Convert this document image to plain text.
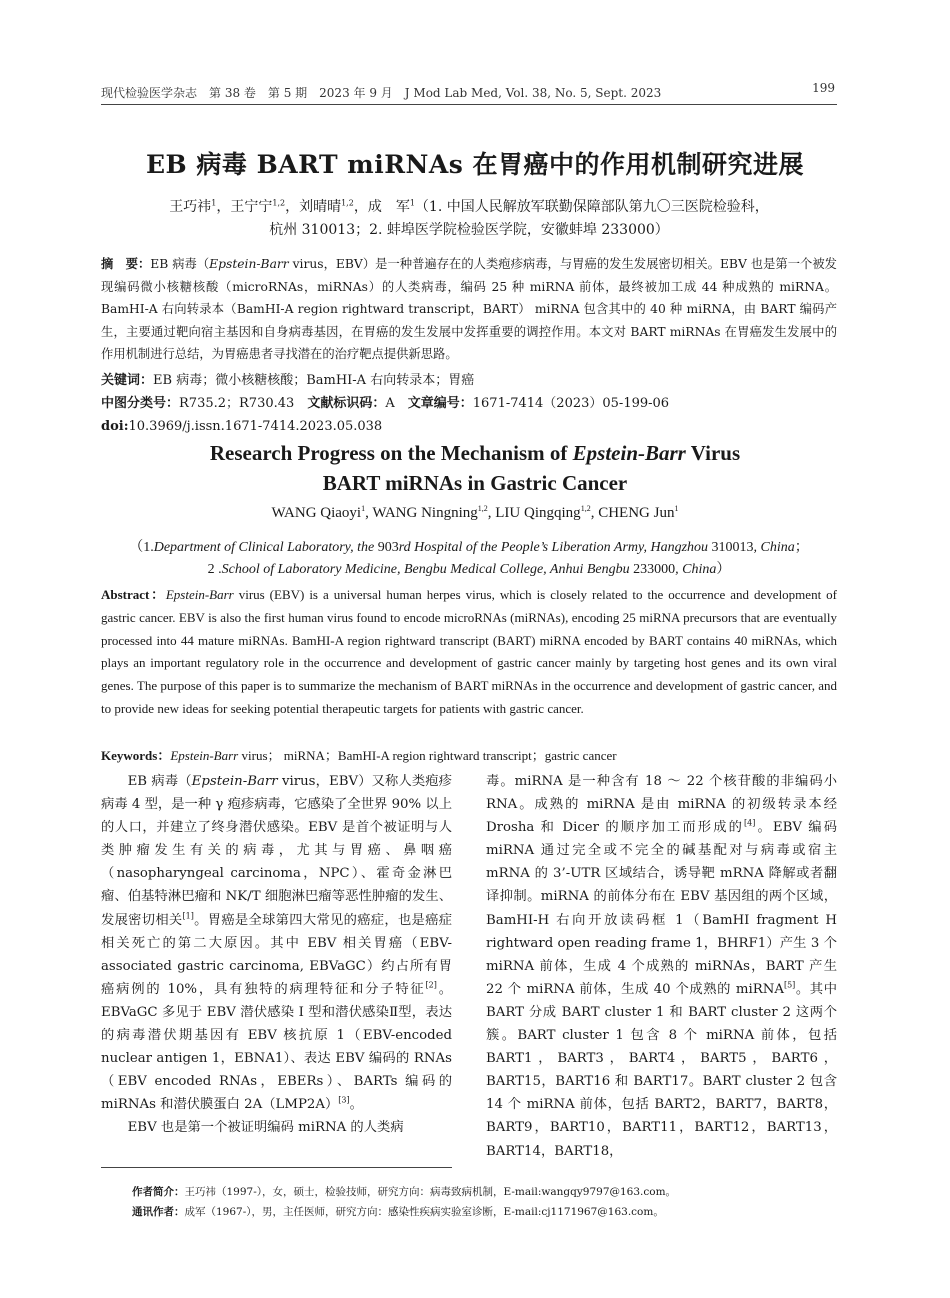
现代检验医学杂志　第 38 卷　第 5 期　2023 年 9 月　J Mod Lab Med, Vol. 38, No. 5, Sept. 2023	199
EB 病毒 BART miRNAs 在胃癌中的作用机制研究进展
王巧祎$^1$，王宁宁$^{1,2}$，刘晴晴$^{1,2}$，成　军$^1$（1. 中国人民解放军联勤保障部队第九〇三医院检验科，
杭州 310013；2. 蚌埠医学院检验医学院，安徽蚌埠 233000）
摘　要：EB 病毒（Epstein-Barr virus，EBV）是一种普遍存在的人类疱疹病毒，与胃癌的发生发展密切相关。EBV 也是第一个被发现编码微小核糖核酸（microRNAs，miRNAs）的人类病毒，编码 25 种 miRNA 前体，最终被加工成 44 种成熟的 miRNA。BamHI-A 右向转录本（BamHI-A region rightward transcript，BART） miRNA 包含其中的 40 种 miRNA，由 BART 编码产生，主要通过靶向宿主基因和自身病毒基因，在胃癌的发生发展中发挥重要的调控作用。本文对 BART miRNAs 在胃癌发生发展中的作用机制进行总结，为胃癌患者寻找潜在的治疗靶点提供新思路。
关键词：EB 病毒；微小核糖核酸；BamHI-A 右向转录本；胃癌
中图分类号：R735.2；R730.43　 文献标识码：A　 文章编号：1671-7414（2023）05-199-06
doi:10.3969/j.issn.1671-7414.2023.05.038
Research Progress on the Mechanism of Epstein-Barr Virus
BART miRNAs in Gastric Cancer
WANG Qiaoyi$^1$, WANG Ningning$^{1,2}$, LIU Qingqing$^{1,2}$, CHENG Jun$^1$
（1.Department of Clinical Laboratory, the 903rd Hospital of the People’s Liberation Army, Hangzhou 310013, China；
2 .School of Laboratory Medicine, Bengbu Medical College, Anhui Bengbu 233000, China）
Abstract：Epstein-Barr virus (EBV) is a universal human herpes virus, which is closely related to the occurrence and development of gastric cancer. EBV is also the first human virus found to encode microRNAs (miRNAs), encoding 25 miRNA precursors that are eventually processed into 44 mature miRNAs. BamHI-A region rightward transcript (BART) miRNA encoded by BART contains 40 miRNAs, which plays an important regulatory role in the occurrence and development of gastric cancer mainly by targeting host genes and its own viral genes. The purpose of this paper is to summarize the mechanism of BART miRNAs in the occurrence and development of gastric cancer, and to provide new ideas for seeking potential therapeutic targets for patients with gastric cancer.
Keywords：Epstein-Barr virus； miRNA；BamHI-A region rightward transcript；gastric cancer

EB 病毒（Epstein-Barr virus，EBV）又称人类疱疹病毒 4 型，是一种 γ 疱疹病毒，它感染了全世界 90% 以上的人口，并建立了终身潜伏感染。EBV 是首个被证明与人类肿瘤发生有关的病毒，尤其与胃癌、鼻咽癌（nasopharyngeal carcinoma，NPC）、霍奇金淋巴瘤、伯基特淋巴瘤和 NK/T 细胞淋巴瘤等恶性肿瘤的发生、发展密切相关[1]。胃癌是全球第四大常见的癌症，也是癌症相关死亡的第二大原因。其中 EBV 相关胃癌（EBV-associated gastric carcinoma, EBVaGC）约占所有胃癌病例的 10%，具有独特的病理特征和分子特征[2]。EBVaGC 多见于 EBV 潜伏感染 I 型和潜伏感染Ⅱ型，表达的病毒潜伏期基因有 EBV 核抗原 1（EBV-encoded nuclear antigen 1，EBNA1）、表达 EBV 编码的 RNAs（EBV encoded RNAs，EBERs）、BARTs 编码的 miRNAs 和潜伏膜蛋白 2A（LMP2A）[3]。

EBV 也是第一个被证明编码 miRNA 的人类病

毒。miRNA 是一种含有 18 ～ 22 个核苷酸的非编码小 RNA。成熟的 miRNA 是由 miRNA 的初级转录本经 Drosha 和 Dicer 的顺序加工而形成的[4]。EBV 编码 miRNA 通过完全或不完全的碱基配对与病毒或宿主 mRNA 的 3’-UTR 区域结合，诱导靶 mRNA 降解或者翻译抑制。miRNA 的前体分布在 EBV 基因组的两个区域，BamHI-H 右向开放读码框 1（BamHI fragment H rightward open reading frame 1，BHRF1）产生 3 个 miRNA 前体，生成 4 个成熟的 miRNAs，BART 产生 22 个 miRNA 前体，生成 40 个成熟的 miRNA[5]。其中 BART 分成 BART cluster 1 和 BART cluster 2 这两个簇。BART cluster 1 包含 8 个 miRNA 前体，包括 BART1，BART3，BART4，BART5，BART6，BART15，BART16 和 BART17。BART cluster 2 包含 14 个 miRNA 前体，包括 BART2，BART7，BART8，BART9，BART10，BART11，BART12，BART13，BART14，BART18，

作者简介：王巧祎（1997-），女，硕士，检验技师，研究方向：病毒致病机制，E-mail:wangqy9797@163.com。
通讯作者：成军（1967-），男，主任医师，研究方向：感染性疾病实验室诊断，E-mail:cj1171967@163.com。
